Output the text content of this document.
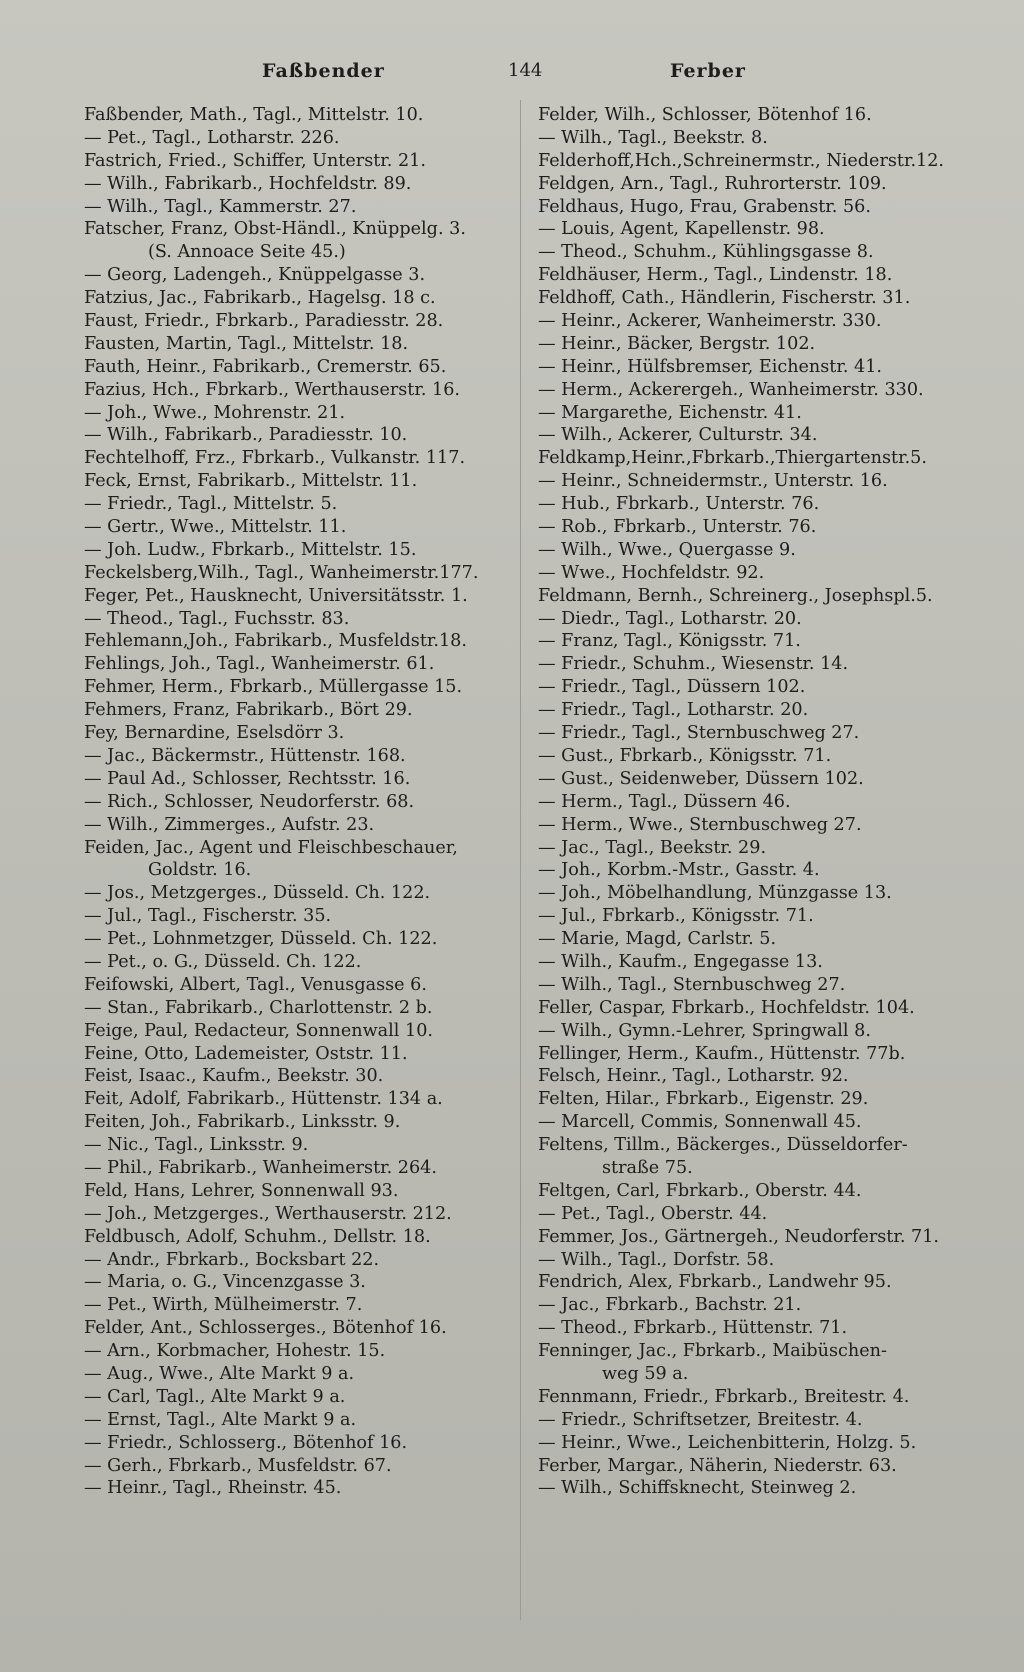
Faßbender	144	Ferber
Faßbender, Math., Tagl., Mittelstr. 10.
— Pet., Tagl., Lotharstr. 226.
Fastrich, Fried., Schiffer, Unterstr. 21.
— Wilh., Fabrikarb., Hochfeldstr. 89.
— Wilh., Tagl., Kammerstr. 27.
Fatscher, Franz, Obst-Händl., Knüppelg. 3.
(S. Annoace Seite 45.)
— Georg, Ladengeh., Knüppelgasse 3.
Fatzius, Jac., Fabrikarb., Hagelsg. 18 c.
Faust, Friedr., Fbrkarb., Paradiesstr. 28.
Fausten, Martin, Tagl., Mittelstr. 18.
Fauth, Heinr., Fabrikarb., Cremerstr. 65.
Fazius, Hch., Fbrkarb., Werthauserstr. 16.
— Joh., Wwe., Mohrenstr. 21.
— Wilh., Fabrikarb., Paradiesstr. 10.
Fechtelhoff, Frz., Fbrkarb., Vulkanstr. 117.
Feck, Ernst, Fabrikarb., Mittelstr. 11.
— Friedr., Tagl., Mittelstr. 5.
— Gertr., Wwe., Mittelstr. 11.
— Joh. Ludw., Fbrkarb., Mittelstr. 15.
Feckelsberg,Wilh., Tagl., Wanheimerstr.177.
Feger, Pet., Hausknecht, Universitätsstr. 1.
— Theod., Tagl., Fuchsstr. 83.
Fehlemann,Joh., Fabrikarb., Musfeldstr.18.
Fehlings, Joh., Tagl., Wanheimerstr. 61.
Fehmer, Herm., Fbrkarb., Müllergasse 15.
Fehmers, Franz, Fabrikarb., Bört 29.
Fey, Bernardine, Eselsdörr 3.
— Jac., Bäckermstr., Hüttenstr. 168.
— Paul Ad., Schlosser, Rechtsstr. 16.
— Rich., Schlosser, Neudorferstr. 68.
— Wilh., Zimmerges., Aufstr. 23.
Feiden, Jac., Agent und Fleischbeschauer,
Goldstr. 16.
— Jos., Metzgerges., Düsseld. Ch. 122.
— Jul., Tagl., Fischerstr. 35.
— Pet., Lohnmetzger, Düsseld. Ch. 122.
— Pet., o. G., Düsseld. Ch. 122.
Feifowski, Albert, Tagl., Venusgasse 6.
— Stan., Fabrikarb., Charlottenstr. 2 b.
Feige, Paul, Redacteur, Sonnenwall 10.
Feine, Otto, Lademeister, Oststr. 11.
Feist, Isaac., Kaufm., Beekstr. 30.
Feit, Adolf, Fabrikarb., Hüttenstr. 134 a.
Feiten, Joh., Fabrikarb., Linksstr. 9.
— Nic., Tagl., Linksstr. 9.
— Phil., Fabrikarb., Wanheimerstr. 264.
Feld, Hans, Lehrer, Sonnenwall 93.
— Joh., Metzgerges., Werthauserstr. 212.
Feldbusch, Adolf, Schuhm., Dellstr. 18.
— Andr., Fbrkarb., Bocksbart 22.
— Maria, o. G., Vincenzgasse 3.
— Pet., Wirth, Mülheimerstr. 7.
Felder, Ant., Schlosserges., Bötenhof 16.
— Arn., Korbmacher, Hohestr. 15.
— Aug., Wwe., Alte Markt 9 a.
— Carl, Tagl., Alte Markt 9 a.
— Ernst, Tagl., Alte Markt 9 a.
— Friedr., Schlosserg., Bötenhof 16.
— Gerh., Fbrkarb., Musfeldstr. 67.
— Heinr., Tagl., Rheinstr. 45.
Felder, Wilh., Schlosser, Bötenhof 16.
— Wilh., Tagl., Beekstr. 8.
Felderhoff,Hch.,Schreinermstr., Niederstr.12.
Feldgen, Arn., Tagl., Ruhrorterstr. 109.
Feldhaus, Hugo, Frau, Grabenstr. 56.
— Louis, Agent, Kapellenstr. 98.
— Theod., Schuhm., Kühlingsgasse 8.
Feldhäuser, Herm., Tagl., Lindenstr. 18.
Feldhoff, Cath., Händlerin, Fischerstr. 31.
— Heinr., Ackerer, Wanheimerstr. 330.
— Heinr., Bäcker, Bergstr. 102.
— Heinr., Hülfsbremser, Eichenstr. 41.
— Herm., Ackerergeh., Wanheimerstr. 330.
— Margarethe, Eichenstr. 41.
— Wilh., Ackerer, Culturstr. 34.
Feldkamp,Heinr.,Fbrkarb.,Thiergartenstr.5.
— Heinr., Schneidermstr., Unterstr. 16.
— Hub., Fbrkarb., Unterstr. 76.
— Rob., Fbrkarb., Unterstr. 76.
— Wilh., Wwe., Quergasse 9.
— Wwe., Hochfeldstr. 92.
Feldmann, Bernh., Schreinerg., Josephspl.5.
— Diedr., Tagl., Lotharstr. 20.
— Franz, Tagl., Königsstr. 71.
— Friedr., Schuhm., Wiesenstr. 14.
— Friedr., Tagl., Düssern 102.
— Friedr., Tagl., Lotharstr. 20.
— Friedr., Tagl., Sternbuschweg 27.
— Gust., Fbrkarb., Königsstr. 71.
— Gust., Seidenweber, Düssern 102.
— Herm., Tagl., Düssern 46.
— Herm., Wwe., Sternbuschweg 27.
— Jac., Tagl., Beekstr. 29.
— Joh., Korbm.-Mstr., Gasstr. 4.
— Joh., Möbelhandlung, Münzgasse 13.
— Jul., Fbrkarb., Königsstr. 71.
— Marie, Magd, Carlstr. 5.
— Wilh., Kaufm., Engegasse 13.
— Wilh., Tagl., Sternbuschweg 27.
Feller, Caspar, Fbrkarb., Hochfeldstr. 104.
— Wilh., Gymn.-Lehrer, Springwall 8.
Fellinger, Herm., Kaufm., Hüttenstr. 77b.
Felsch, Heinr., Tagl., Lotharstr. 92.
Felten, Hilar., Fbrkarb., Eigenstr. 29.
— Marcell, Commis, Sonnenwall 45.
Feltens, Tillm., Bäckerges., Düsseldorfer-
straße 75.
Feltgen, Carl, Fbrkarb., Oberstr. 44.
— Pet., Tagl., Oberstr. 44.
Femmer, Jos., Gärtnergeh., Neudorferstr. 71.
— Wilh., Tagl., Dorfstr. 58.
Fendrich, Alex, Fbrkarb., Landwehr 95.
— Jac., Fbrkarb., Bachstr. 21.
— Theod., Fbrkarb., Hüttenstr. 71.
Fenninger, Jac., Fbrkarb., Maibüschen-
weg 59 a.
Fennmann, Friedr., Fbrkarb., Breitestr. 4.
— Friedr., Schriftsetzer, Breitestr. 4.
— Heinr., Wwe., Leichenbitterin, Holzg. 5.
Ferber, Margar., Näherin, Niederstr. 63.
— Wilh., Schiffsknecht, Steinweg 2.
